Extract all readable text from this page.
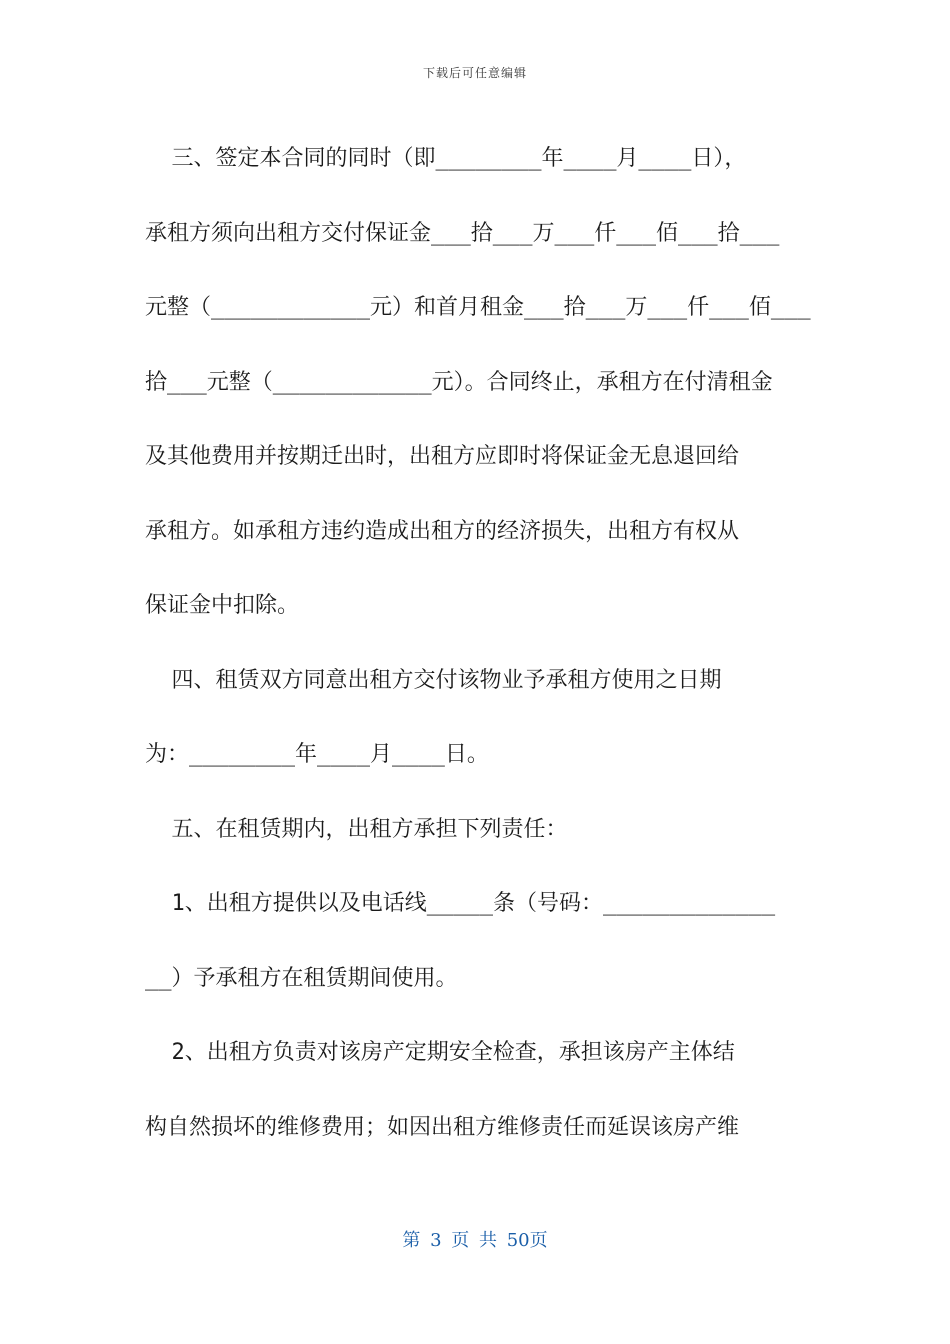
下载后可任意编辑
三、签定本合同的同时（即________年____月____日），
承租方须向出租方交付保证金___拾___万___仟___佰___拾___
元整（____________元）和首月租金___拾___万___仟___佰___
拾___元整（____________元）。合同终止，承租方在付清租金
及其他费用并按期迁出时，出租方应即时将保证金无息退回给
承租方。如承租方违约造成出租方的经济损失，出租方有权从
保证金中扣除。
四、租赁双方同意出租方交付该物业予承租方使用之日期
为：________年____月____日。
五、在租赁期内，出租方承担下列责任：
1、出租方提供以及电话线_____条（号码：_____________
__）予承租方在租赁期间使用。
2、出租方负责对该房产定期安全检查，承担该房产主体结
构自然损坏的维修费用；如因出租方维修责任而延误该房产维
第 3 页 共 50页
